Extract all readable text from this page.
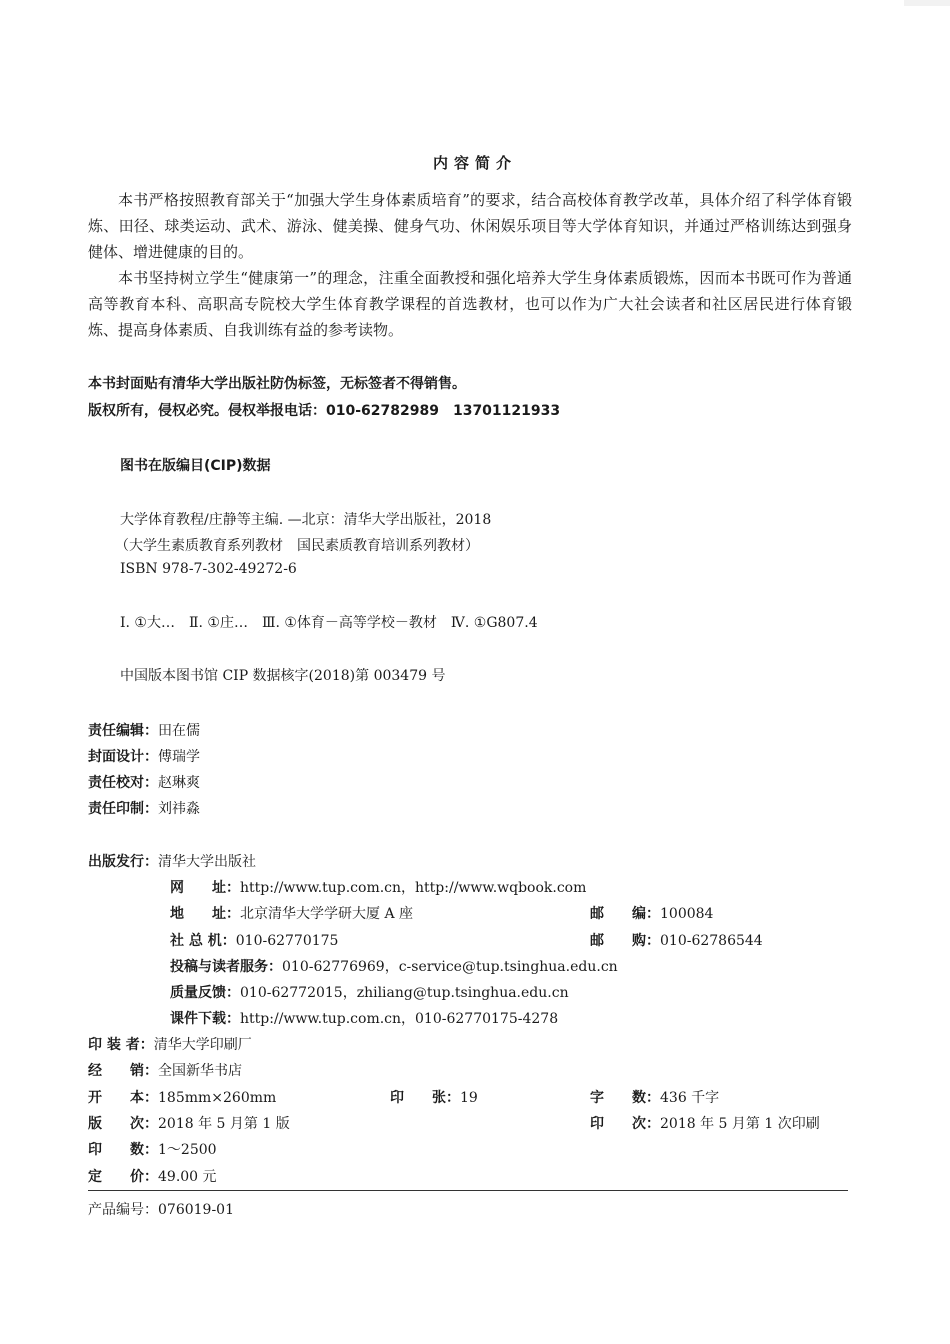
内容简介
本书严格按照教育部关于“加强大学生身体素质培育”的要求，结合高校体育教学改革，具体介绍了科学体育锻炼、田径、球类运动、武术、游泳、健美操、健身气功、休闲娱乐项目等大学体育知识，并通过严格训练达到强身健体、增进健康的目的。
本书坚持树立学生“健康第一”的理念，注重全面教授和强化培养大学生身体素质锻炼，因而本书既可作为普通高等教育本科、高职高专院校大学生体育教学课程的首选教材，也可以作为广大社会读者和社区居民进行体育锻炼、提高身体素质、自我训练有益的参考读物。
本书封面贴有清华大学出版社防伪标签，无标签者不得销售。
版权所有，侵权必究。侵权举报电话：010-62782989　13701121933
图书在版编目(CIP)数据
大学体育教程/庄静等主编. —北京：清华大学出版社，2018
（大学生素质教育系列教材　国民素质教育培训系列教材）
ISBN 978-7-302-49272-6
Ⅰ. ①大…　Ⅱ. ①庄…　Ⅲ. ①体育－高等学校－教材　Ⅳ. ①G807.4
中国版本图书馆 CIP 数据核字(2018)第 003479 号
责任编辑：田在儒
封面设计：傅瑞学
责任校对：赵琳爽
责任印制：刘祎淼
出版发行：清华大学出版社
网　　址：http://www.tup.com.cn，http://www.wqbook.com
地　　址：北京清华大学学研大厦 A 座	邮　　编：100084
社 总 机：010-62770175	邮　　购：010-62786544
投稿与读者服务：010-62776969，c-service@tup.tsinghua.edu.cn
质量反馈：010-62772015，zhiliang@tup.tsinghua.edu.cn
课件下载：http://www.tup.com.cn，010-62770175-4278
印 装 者：清华大学印刷厂
经　　销：全国新华书店
开　　本：185mm×260mm	印　　张：19	字　　数：436 千字
版　　次：2018 年 5 月第 1 版	印　　次：2018 年 5 月第 1 次印刷
印　　数：1～2500
定　　价：49.00 元
产品编号：076019-01
